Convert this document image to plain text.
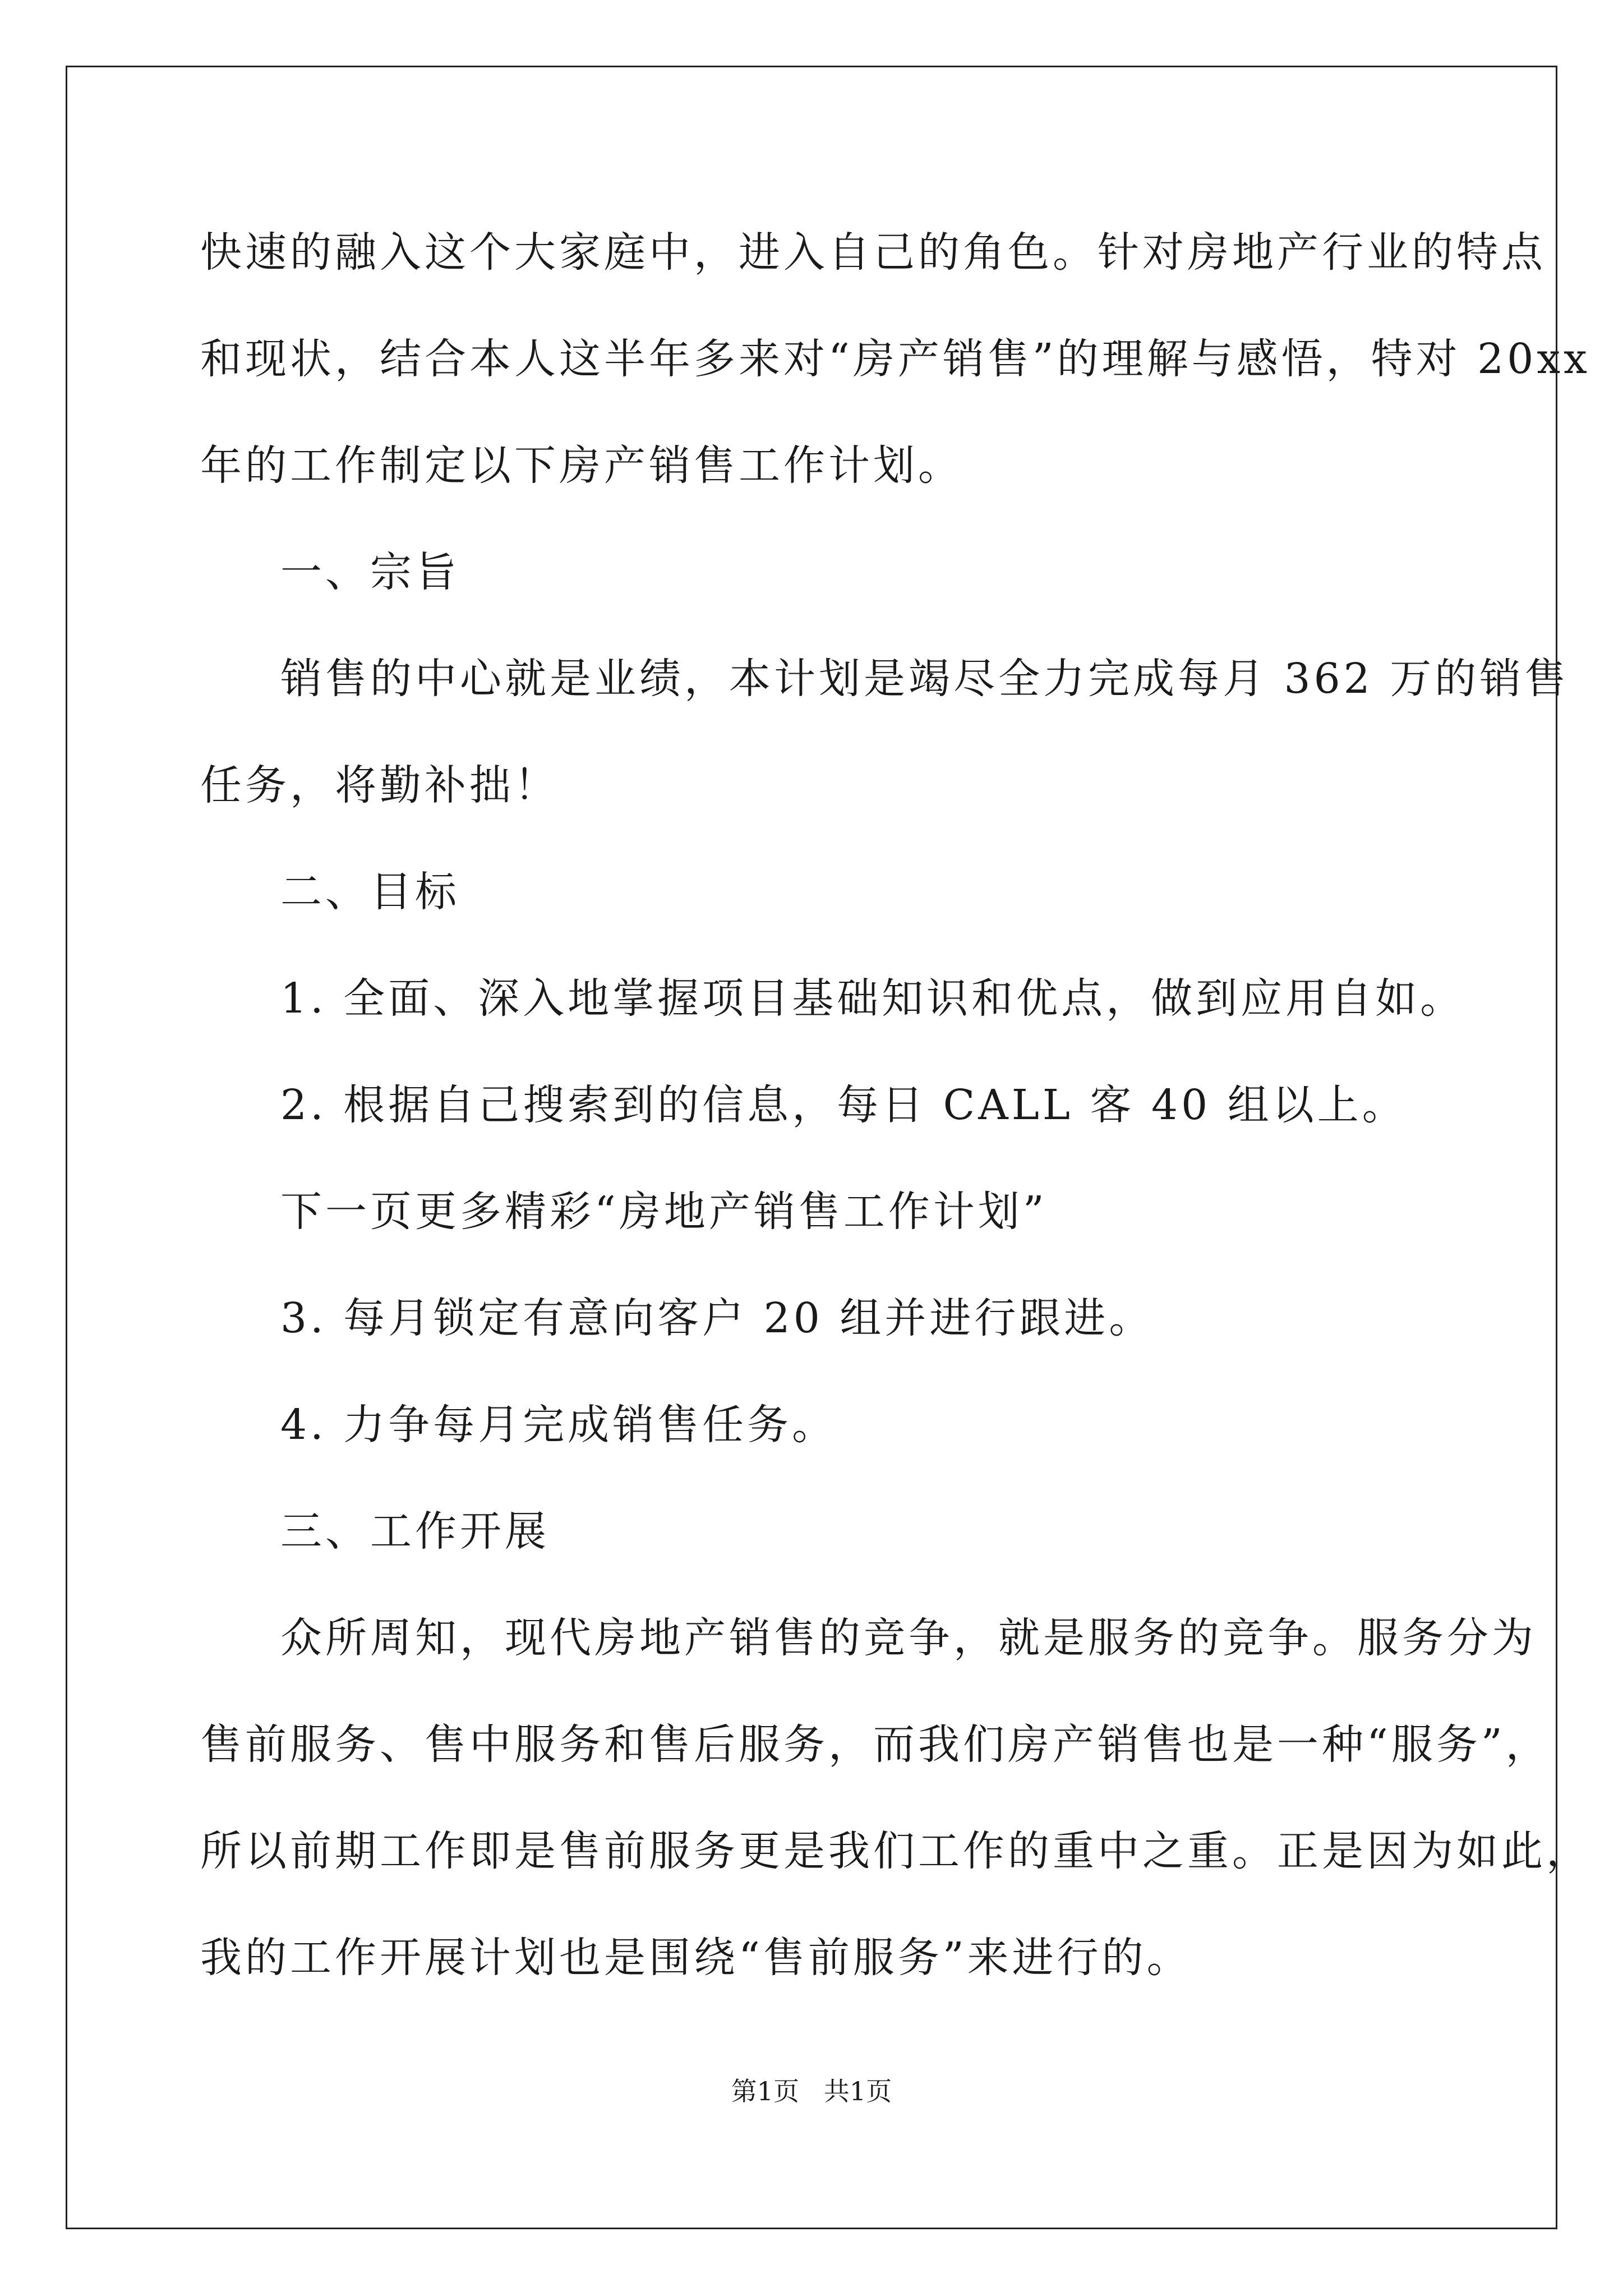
快速的融入这个大家庭中，进入自己的角色。针对房地产行业的特点
和现状，结合本人这半年多来对“房产销售”的理解与感悟，特对 20xx
年的工作制定以下房产销售工作计划。
一、宗旨
销售的中心就是业绩，本计划是竭尽全力完成每月 362 万的销售
任务，将勤补拙！
二、目标
1. 全面、深入地掌握项目基础知识和优点，做到应用自如。
2. 根据自己搜索到的信息，每日 CALL 客 40 组以上。
下一页更多精彩“房地产销售工作计划”
3. 每月锁定有意向客户 20 组并进行跟进。
4. 力争每月完成销售任务。
三、工作开展
众所周知，现代房地产销售的竞争，就是服务的竞争。服务分为
售前服务、售中服务和售后服务，而我们房产销售也是一种“服务”，
所以前期工作即是售前服务更是我们工作的重中之重。正是因为如此，
我的工作开展计划也是围绕“售前服务”来进行的。
第1页   共1页
